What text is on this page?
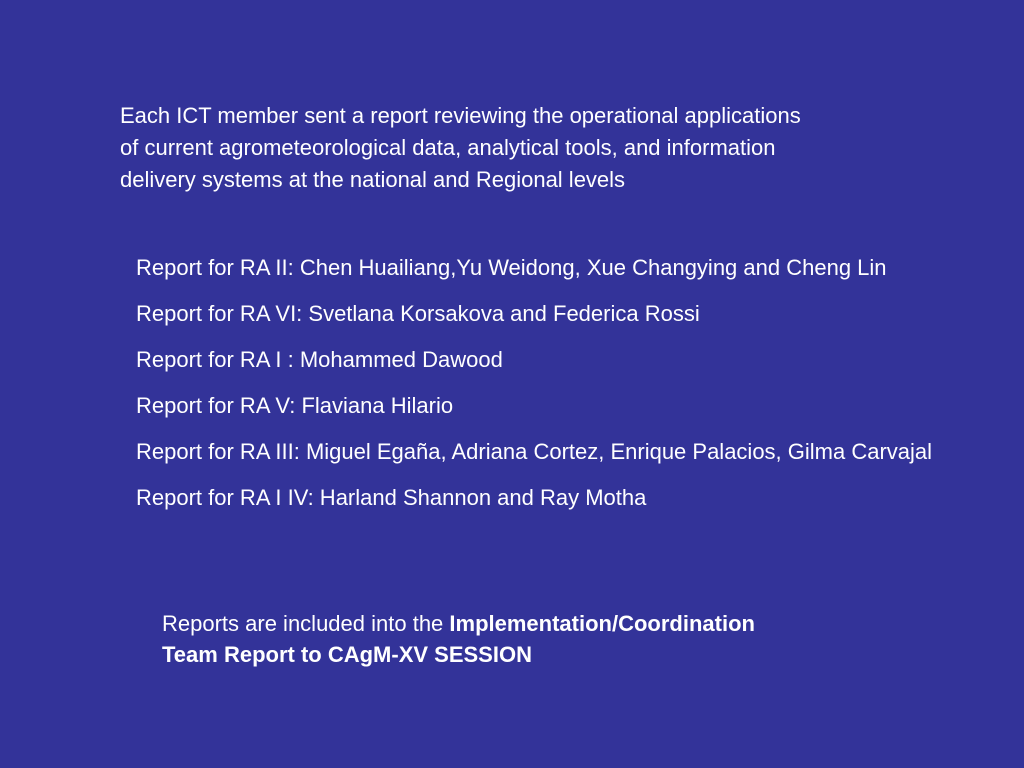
Each ICT member sent a report reviewing the operational applications
of current agrometeorological data, analytical tools, and information
delivery systems at the national and Regional levels

Report for RA II: Chen Huailiang,Yu Weidong, Xue Changying and Cheng Lin
Report for RA VI: Svetlana Korsakova and Federica Rossi
Report for RA I : Mohammed Dawood
Report for RA V: Flaviana Hilario
Report for RA III: Miguel Egaña, Adriana Cortez, Enrique Palacios, Gilma Carvajal
Report for RA I IV: Harland Shannon and Ray Motha

Reports are included into the Implementation/Coordination
Team Report to CAgM-XV SESSION
